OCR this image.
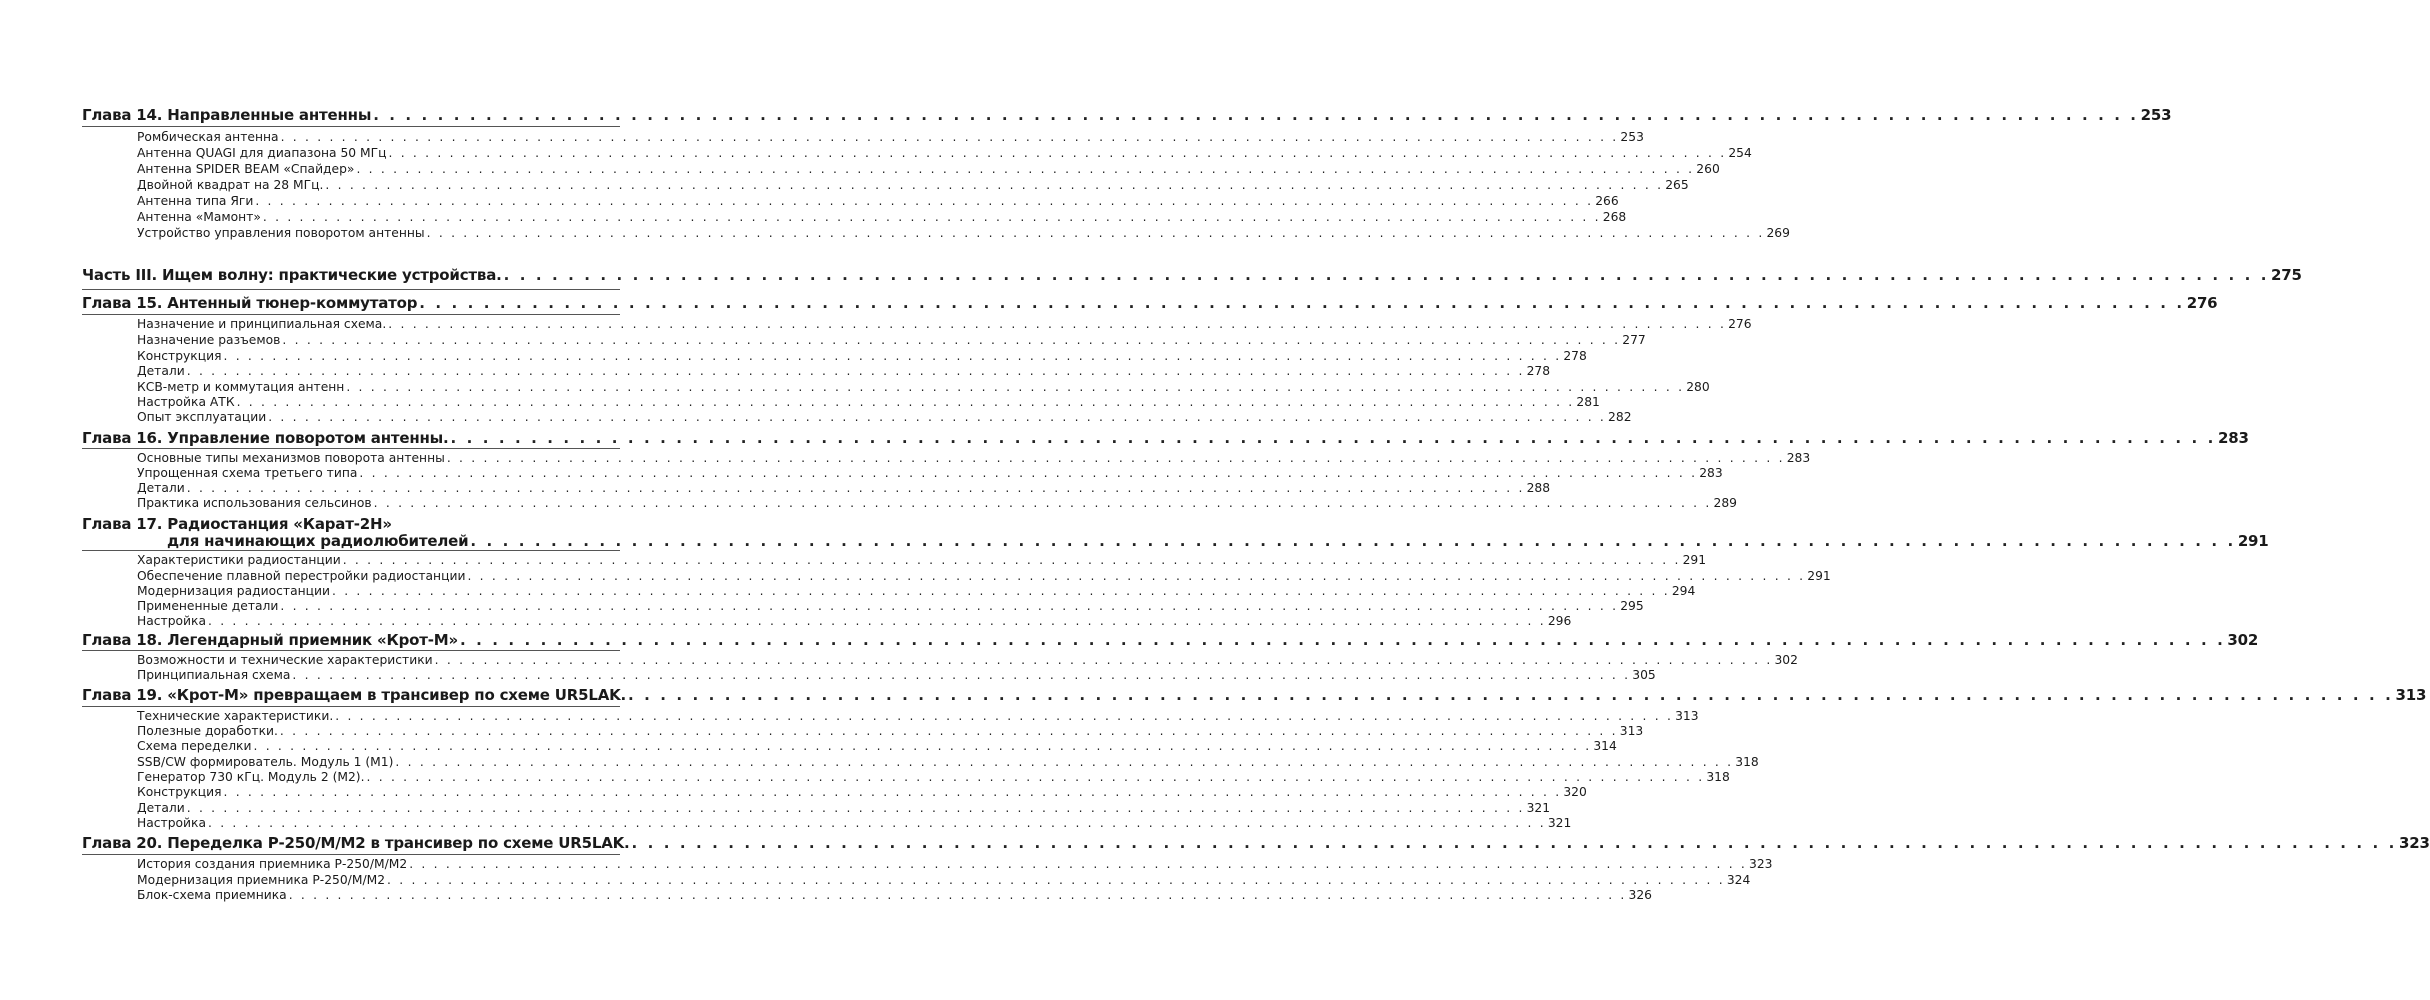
Глава 14. Направленные антенны . . .	253
Ромбическая антенна . . .	253
Антенна QUAGI для диапазона 50 МГц . . .	254
Антенна SPIDER BEAM «Спайдер» . . .	260
Двойной квадрат на 28 МГц. . . .	265
Антенна типа Яги . . .	266
Антенна «Мамонт» . . .	268
Устройство управления поворотом антенны . . .	269
Часть III. Ищем волну: практические устройства. . . .	275
Глава 15. Антенный тюнер-коммутатор . . .	276
Назначение и принципиальная схема. . . .	276
Назначение разъемов . . .	277
Конструкция . . .	278
Детали . . .	278
КСВ-метр и коммутация антенн . . .	280
Настройка АТК . . .	281
Опыт эксплуатации . . .	282
Глава 16. Управление поворотом антенны. . . .	283
Основные типы механизмов поворота антенны . . .	283
Упрощенная схема третьего типа . . .	283
Детали . . .	288
Практика использования сельсинов . . .	289
Глава 17. Радиостанция «Карат-2Н»
для начинающих радиолюбителей . . .	291
Характеристики радиостанции . . .	291
Обеспечение плавной перестройки радиостанции . . .	291
Модернизация радиостанции . . .	294
Примененные детали . . .	295
Настройка . . .	296
Глава 18. Легендарный приемник «Крот-М» . . .	302
Возможности и технические характеристики . . .	302
Принципиальная схема . . .	305
Глава 19. «Крот-М» превращаем в трансивер по схеме UR5LAK. . . .	313
Технические характеристики. . . .	313
Полезные доработки. . . .	313
Схема переделки . . .	314
SSB/CW формирователь. Модуль 1 (М1) . . .	318
Генератор 730 кГц. Модуль 2 (М2). . . .	318
Конструкция . . .	320
Детали . . .	321
Настройка . . .	321
Глава 20. Переделка Р-250/М/М2 в трансивер по схеме UR5LAK. . . .	323
История создания приемника Р-250/М/М2 . . .	323
Модернизация приемника Р-250/М/М2 . . .	324
Блок-схема приемника . . .	326
